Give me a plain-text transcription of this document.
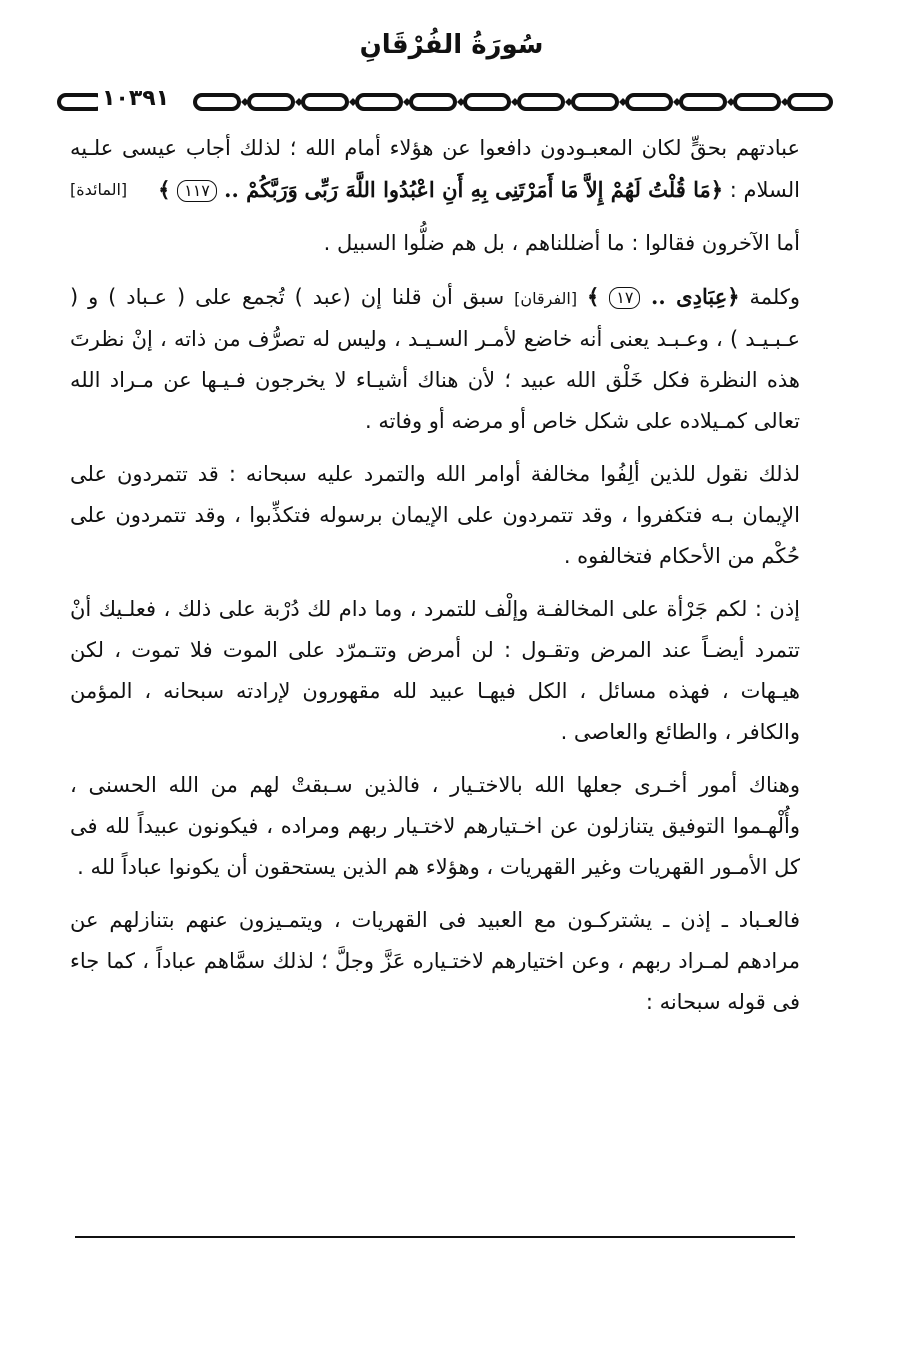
سُورَةُ الفُرْقَانِ
١٠٣٩١

عبادتهم بحقٍّ لكان المعبـودون دافعوا عن هؤلاء أمام الله ؛ لذلك أجاب عيسى علـيه السلام : ﴿مَا قُلْتُ لَهُمْ إِلاَّ مَا أَمَرْتَنِى بِهِ أَنِ اعْبُدُوا اللَّهَ رَبِّى وَرَبَّكُمْ .. ١١٧ ﴾
[المائدة]

أما الآخرون فقالوا : ما أضللناهم ، بل هم ضلُّوا السبيل .

وكلمة ﴿عِبَادِى .. ١٧ ﴾ [الفرقان] سبق أن قلنا إن (عبد ) تُجمع على ( عـباد ) و ( عـبـيـد ) ، وعـبـد يعنى أنه خاضع لأمـر السـيـد ، وليس له تصرُّف من ذاته ، إنْ نظرتَ هذه النظرة فكل خَلْق الله عبيد ؛ لأن هناك أشيـاء لا يخرجون فـيـها عن مـراد الله تعالى كمـيلاده على شكل خاص أو مرضه أو وفاته .

لذلك نقول للذين ألِفُوا مخالفة أوامر الله والتمرد عليه سبحانه : قد تتمردون على الإيمان بـه فتكفروا ، وقد تتمردون على الإيمان برسوله فتكذِّبوا ، وقد تتمردون على حُكْم من الأحكام فتخالفوه .

إذن : لكم جَرْأة على المخالفـة وإلْف للتمرد ، وما دام لك دُرْبة على ذلك ، فعلـيك أنْ تتمرد أيضـاً عند المرض وتقـول : لن أمرض وتتـمرّد على الموت فلا تموت ، لكن هيـهات ، فهذه مسائل ، الكل فيهـا عبيد لله مقهورون لإرادته سبحانه ، المؤمن والكافر ، والطائع والعاصى .

وهناك أمور أخـرى جعلها الله بالاختـيار ، فالذين سـبقتْ لهم من الله الحسنى ، وأُلْهـموا التوفيق يتنازلون عن اخـتيارهم لاختـيار ربهم ومراده ، فيكونون عبيداً لله فى كل الأمـور القهريات وغير القهريات ، وهؤلاء هم الذين يستحقون أن يكونوا عباداً لله .

فالعـباد ـ إذن ـ يشتركـون مع العبيد فى القهريات ، ويتمـيزون عنهم بتنازلهم عن مرادهم لمـراد ربهم ، وعن اختيارهم لاختـياره عَزَّ وجلَّ ؛ لذلك سمَّاهم عباداً ، كما جاء فى قوله سبحانه :
